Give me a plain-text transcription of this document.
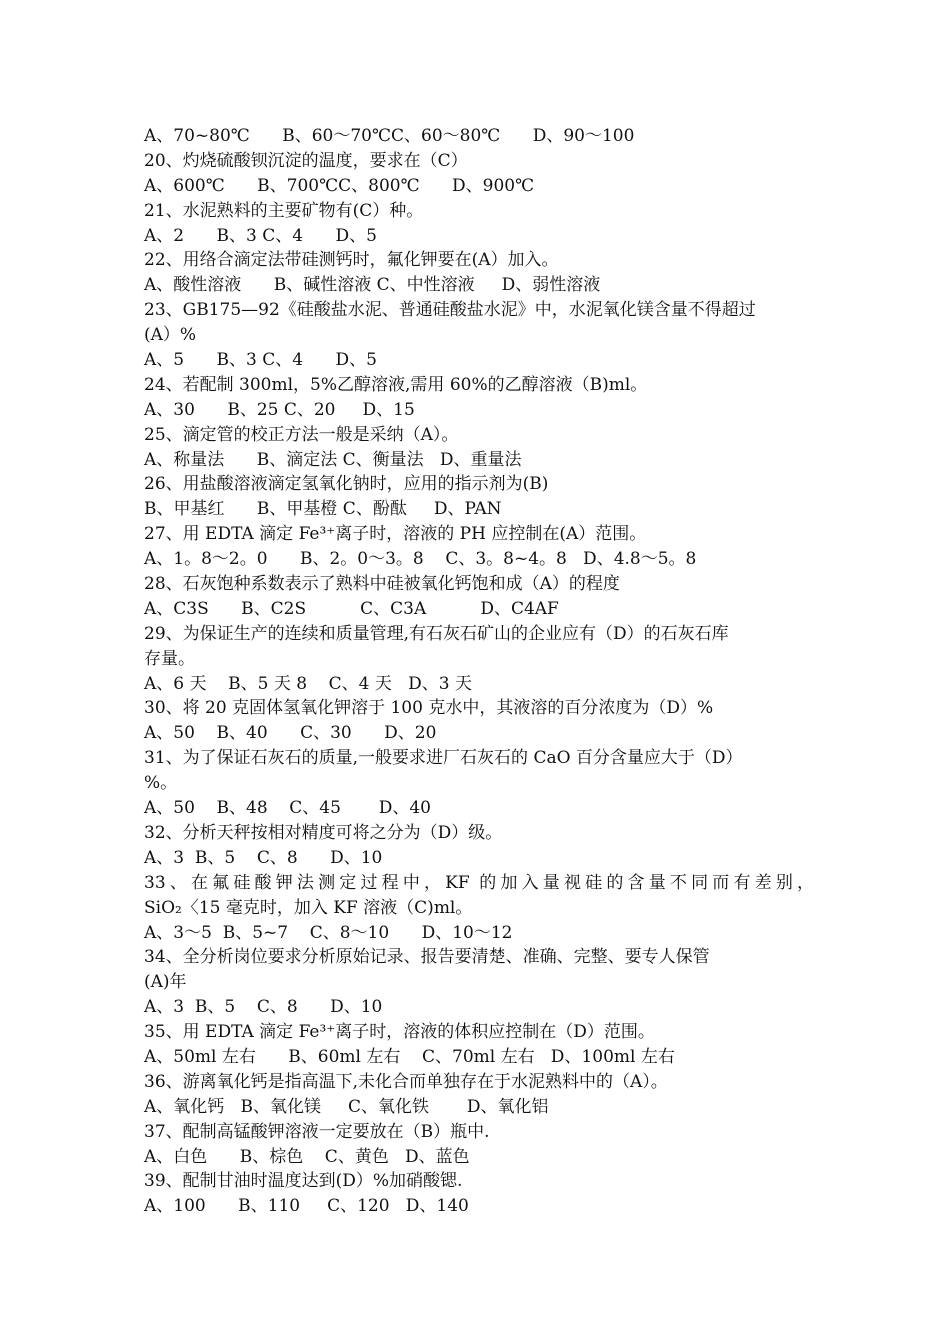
A、70~80℃      B、60～70℃C、60～80℃      D、90～100
20、灼烧硫酸钡沉淀的温度，要求在（C）
A、600℃      B、700℃C、800℃      D、900℃
21、水泥熟料的主要矿物有(C）种。
A、2      B、3 C、4      D、5
22、用络合滴定法带硅测钙时，氟化钾要在(A）加入。
A、酸性溶液      B、碱性溶液 C、中性溶液     D、弱性溶液
23、GB175—92《硅酸盐水泥、普通硅酸盐水泥》中，水泥氧化镁含量不得超过
(A）%
A、5      B、3 C、4      D、5
24、若配制 300ml，5%乙醇溶液,需用 60%的乙醇溶液（B)ml。
A、30      B、25 C、20     D、15
25、滴定管的校正方法一般是采纳（A）。
A、称量法      B、滴定法 C、衡量法   D、重量法
26、用盐酸溶液滴定氢氧化钠时，应用的指示剂为(B)
B、甲基红      B、甲基橙 C、酚酞     D、PAN
27、用 EDTA 滴定 Fe³⁺离子时，溶液的 PH 应控制在(A）范围。
A、1。8～2。0      B、2。0～3。8    C、3。8~4。8   D、4.8～5。8
28、石灰饱种系数表示了熟料中硅被氧化钙饱和成（A）的程度
A、C3S      B、C2S          C、C3A          D、C4AF
29、为保证生产的连续和质量管理,有石灰石矿山的企业应有（D）的石灰石库
存量。
A、6 天    B、5 天 8    C、4 天   D、3 天
30、将 20 克固体氢氧化钾溶于 100 克水中，其液溶的百分浓度为（D）%
A、50    B、40      C、30      D、20
31、为了保证石灰石的质量,一般要求进厂石灰石的 CaO 百分含量应大于（D）
%。
A、50    B、48    C、45       D、40
32、分析天秤按相对精度可将之分为（D）级。
A、3  B、5    C、8      D、10
33、在氟硅酸钾法测定过程中，KF 的加入量视硅的含量不同而有差别，
SiO₂〈15 毫克时，加入 KF 溶液（C)ml。
A、3～5  B、5~7    C、8～10      D、10～12
34、全分析岗位要求分析原始记录、报告要清楚、准确、完整、要专人保管
(A)年
A、3  B、5    C、8      D、10
35、用 EDTA 滴定 Fe³⁺离子时，溶液的体积应控制在（D）范围。
A、50ml 左右      B、60ml 左右    C、70ml 左右   D、100ml 左右
36、游离氧化钙是指高温下,未化合而单独存在于水泥熟料中的（A）。
A、氧化钙   B、氧化镁     C、氧化铁       D、氧化铝
37、配制高锰酸钾溶液一定要放在（B）瓶中.
A、白色      B、棕色    C、黄色   D、蓝色
39、配制甘油时温度达到(D）%加硝酸锶.
A、100      B、110     C、120   D、140
